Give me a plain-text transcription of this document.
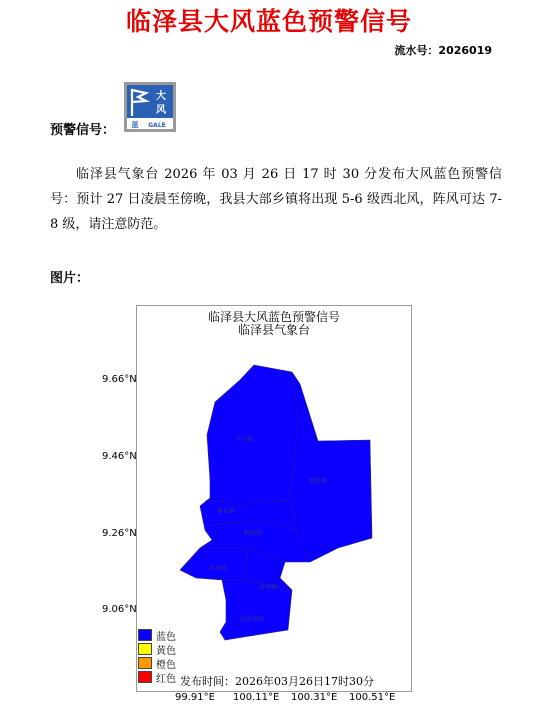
临泽县大风蓝色预警信号
流水号：2026019
预警信号：
大
风
蓝 GALE
临泽县气象台 2026 年 03 月 26 日 17 时 30 分发布大风蓝色预警信号：预计 27 日凌晨至傍晚，我县大部乡镇将出现 5-6 级西北风，阵风可达 7-8 级，请注意防范。
图片：
临泽县大风蓝色预警信号
临泽县气象台
平川镇
板桥镇
蓼泉镇
鸭暖镇
沙河镇
新华镇
倪家营镇
9.66°N
9.46°N
9.26°N
9.06°N
99.91°E 100.11°E 100.31°E 100.51°E
蓝色
黄色
橙色
红色 发布时间：2026年03月26日17时30分
